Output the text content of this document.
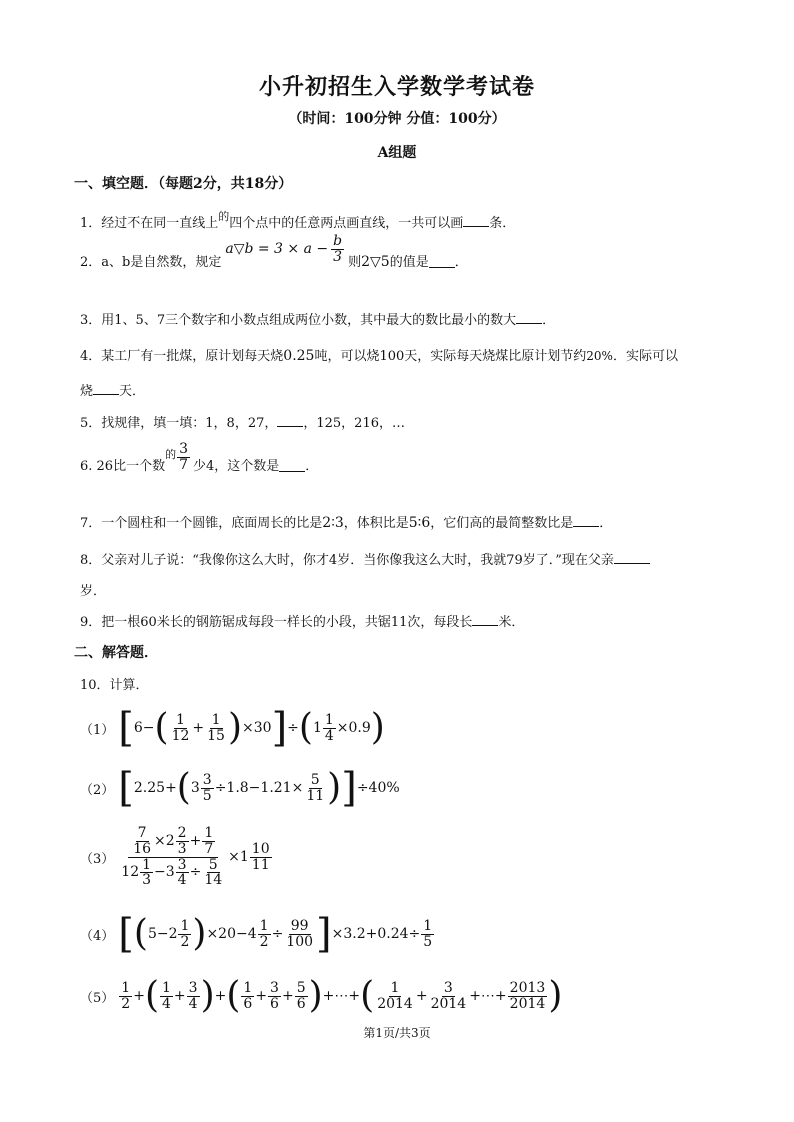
小升初招生入学数学考试卷
（时间：100分钟 分值：100分）
A组题
一、填空题．（每题2分，共18分）
1．经过不在同一直线上$^的$四个点中的任意两点画直线，一共可以画 条．
2．a、b是自然数，规定
a▽b = $3 \times a - \frac{b}{3}$ 则 2▽5 的值是 ．
3．用1、5、7三个数字和小数点组成两位小数，其中最大的数比最小的数大 ．
4．某工厂有一批煤，原计划每天烧0.25吨，可以烧100天，实际每天烧煤比原计划节约20%．实际可以
烧 天．
5．找规律，填一填：1，8，27， ，125，216，…
6. 26比一个数
的 $\frac{3}{7}$ 少4，这个数是 ．
7．一个圆柱和一个圆锥，底面周长的比是2∶3，体积比是5∶6，它们高的最简整数比是 ．
8．父亲对儿子说：“我像你这么大时，你才4岁．当你像我这么大时，我就79岁了．”现在父亲
岁．
9．把一根60米长的钢筋锯成每段一样长的小段，共锯11次，每段长 米．
二、解答题．
10．计算．
（1） [ 6− ( $\frac{1}{12} + \frac{1}{15}$ ) ×30 ] ÷ ( $1 \frac{1}{4} \times 0.9$ )
（2） [ 2.25+ ( $3 \frac{3}{5} \div 1.8-1.21\times \frac{5}{11}$ ) ] ÷40%
$(3) \frac{\frac{7}{16} \times 2 \frac{2}{3} + \frac{1}{7}}{12 \frac{1}{3} -3 \frac{3}{4} \div \frac{5}{14}} \times 1 \frac{10}{11}$
（4） [ ( $5-2 \frac{1}{2}$ ) $\times 20-4 \frac{1}{2} \div \frac{99}{100}$ ] $\times 3.2+0.24\div \frac{1}{5}$
$(5) \frac{1}{2}$ + ( $\frac{1}{4} + \frac{3}{4}$ ) + ( $\frac{1}{6} + \frac{3}{6} + \frac{5}{6}$ ) +⋯+ ( $\frac{1}{2014} + \frac{3}{2014}$ +⋯+ $\frac{2013}{2014}$ )
第1页/共3页
